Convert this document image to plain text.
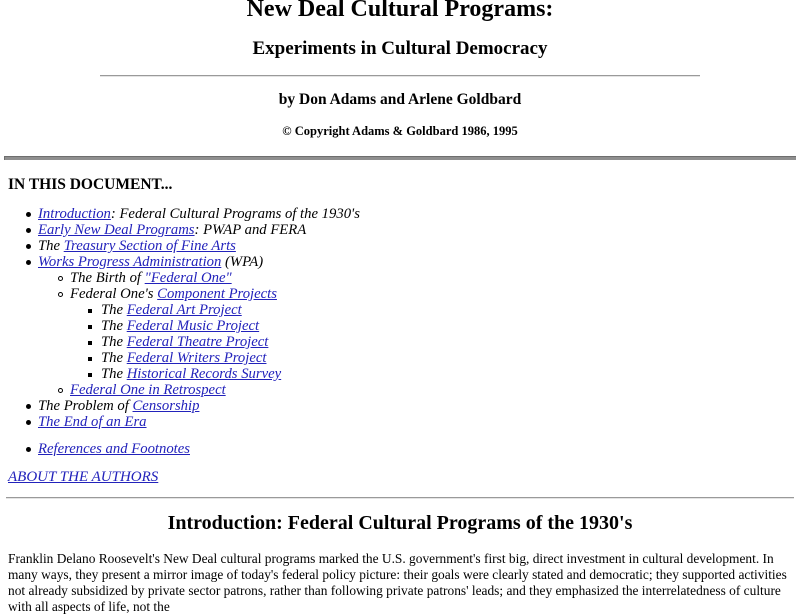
New Deal Cultural Programs:
Experiments in Cultural Democracy
by Don Adams and Arlene Goldbard
© Copyright Adams & Goldbard 1986, 1995
IN THIS DOCUMENT...
Introduction: Federal Cultural Programs of the 1930's
Early New Deal Programs: PWAP and FERA
The Treasury Section of Fine Arts
Works Progress Administration (WPA)
The Birth of "Federal One"
Federal One's Component Projects
The Federal Art Project
The Federal Music Project
The Federal Theatre Project
The Federal Writers Project
The Historical Records Survey
Federal One in Retrospect
The Problem of Censorship
The End of an Era
References and Footnotes
ABOUT THE AUTHORS
Introduction: Federal Cultural Programs of the 1930's

Franklin Delano Roosevelt's New Deal cultural programs marked the U.S. government's first big, direct investment in cultural development. In many ways, they present a mirror image of today's federal policy picture: their goals were clearly stated and democratic; they supported activities not already subsidized by private sector patrons, rather than following private patrons' leads; and they emphasized the interrelatedness of culture with all aspects of life, not the
